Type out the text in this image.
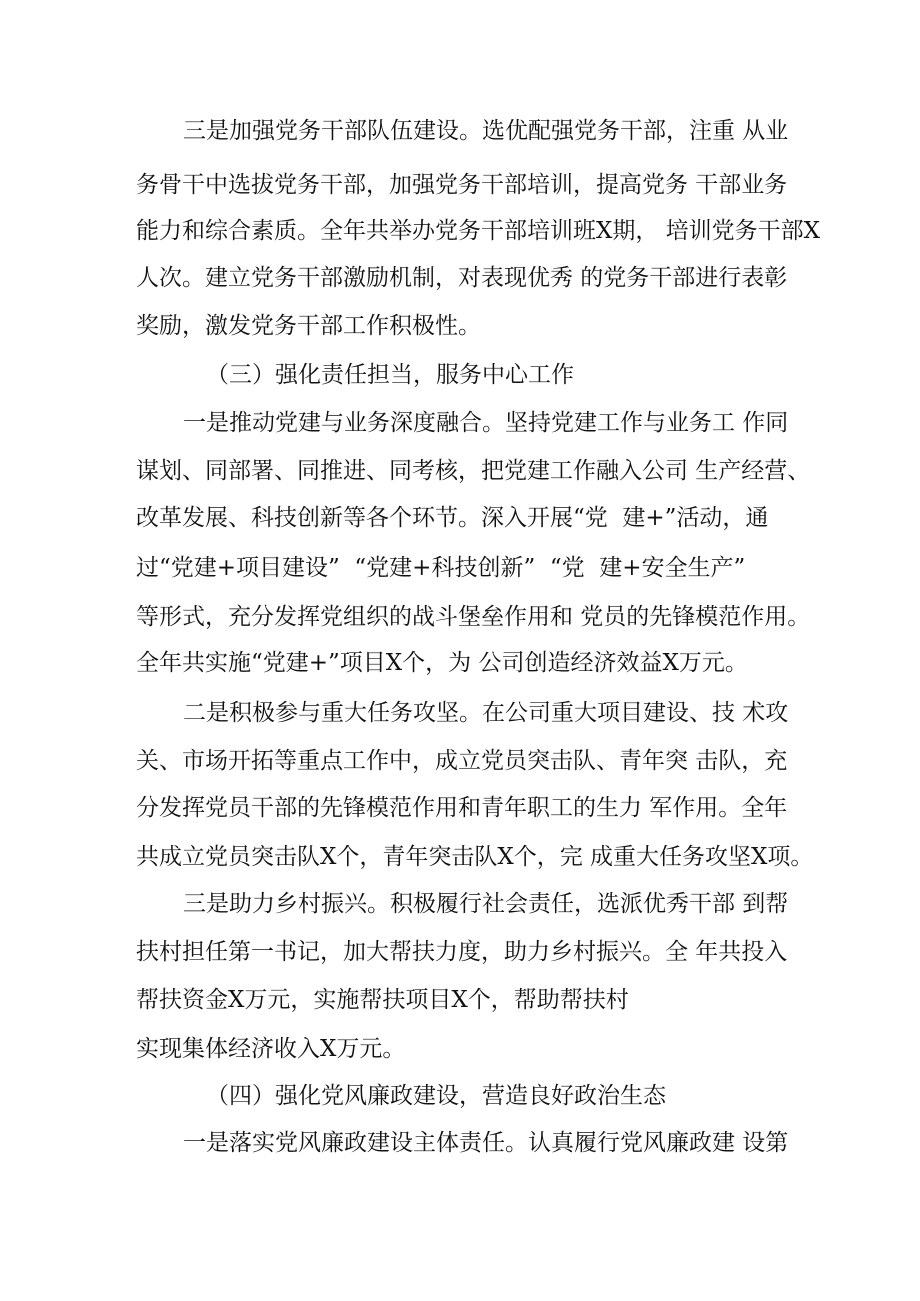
三是加强党务干部队伍建设。选优配强党务干部，注重 从业
务骨干中选拔党务干部，加强党务干部培训，提高党务 干部业务
能力和综合素质。全年共举办党务干部培训班X期， 培训党务干部X
人次。建立党务干部激励机制，对表现优秀 的党务干部进行表彰
奖励，激发党务干部工作积极性。
（三）强化责任担当，服务中心工作
一是推动党建与业务深度融合。坚持党建工作与业务工 作同
谋划、同部署、同推进、同考核，把党建工作融入公司 生产经营、
改革发展、科技创新等各个环节。深入开展“党  建+”活动，通
过“党建+项目建设”  “党建+科技创新”  “党  建+安全生产”
等形式，充分发挥党组织的战斗堡垒作用和 党员的先锋模范作用。
全年共实施“党建+”项目X个，为 公司创造经济效益X万元。
二是积极参与重大任务攻坚。在公司重大项目建设、技 术攻
关、市场开拓等重点工作中，成立党员突击队、青年突 击队，充
分发挥党员干部的先锋模范作用和青年职工的生力 军作用。全年
共成立党员突击队X个，青年突击队X个，完 成重大任务攻坚X项。
三是助力乡村振兴。积极履行社会责任，选派优秀干部 到帮
扶村担任第一书记，加大帮扶力度，助力乡村振兴。全 年共投入
帮扶资金X万元，实施帮扶项目X个，帮助帮扶村
实现集体经济收入X万元。
（四）强化党风廉政建设，营造良好政治生态
一是落实党风廉政建设主体责任。认真履行党风廉政建 设第
